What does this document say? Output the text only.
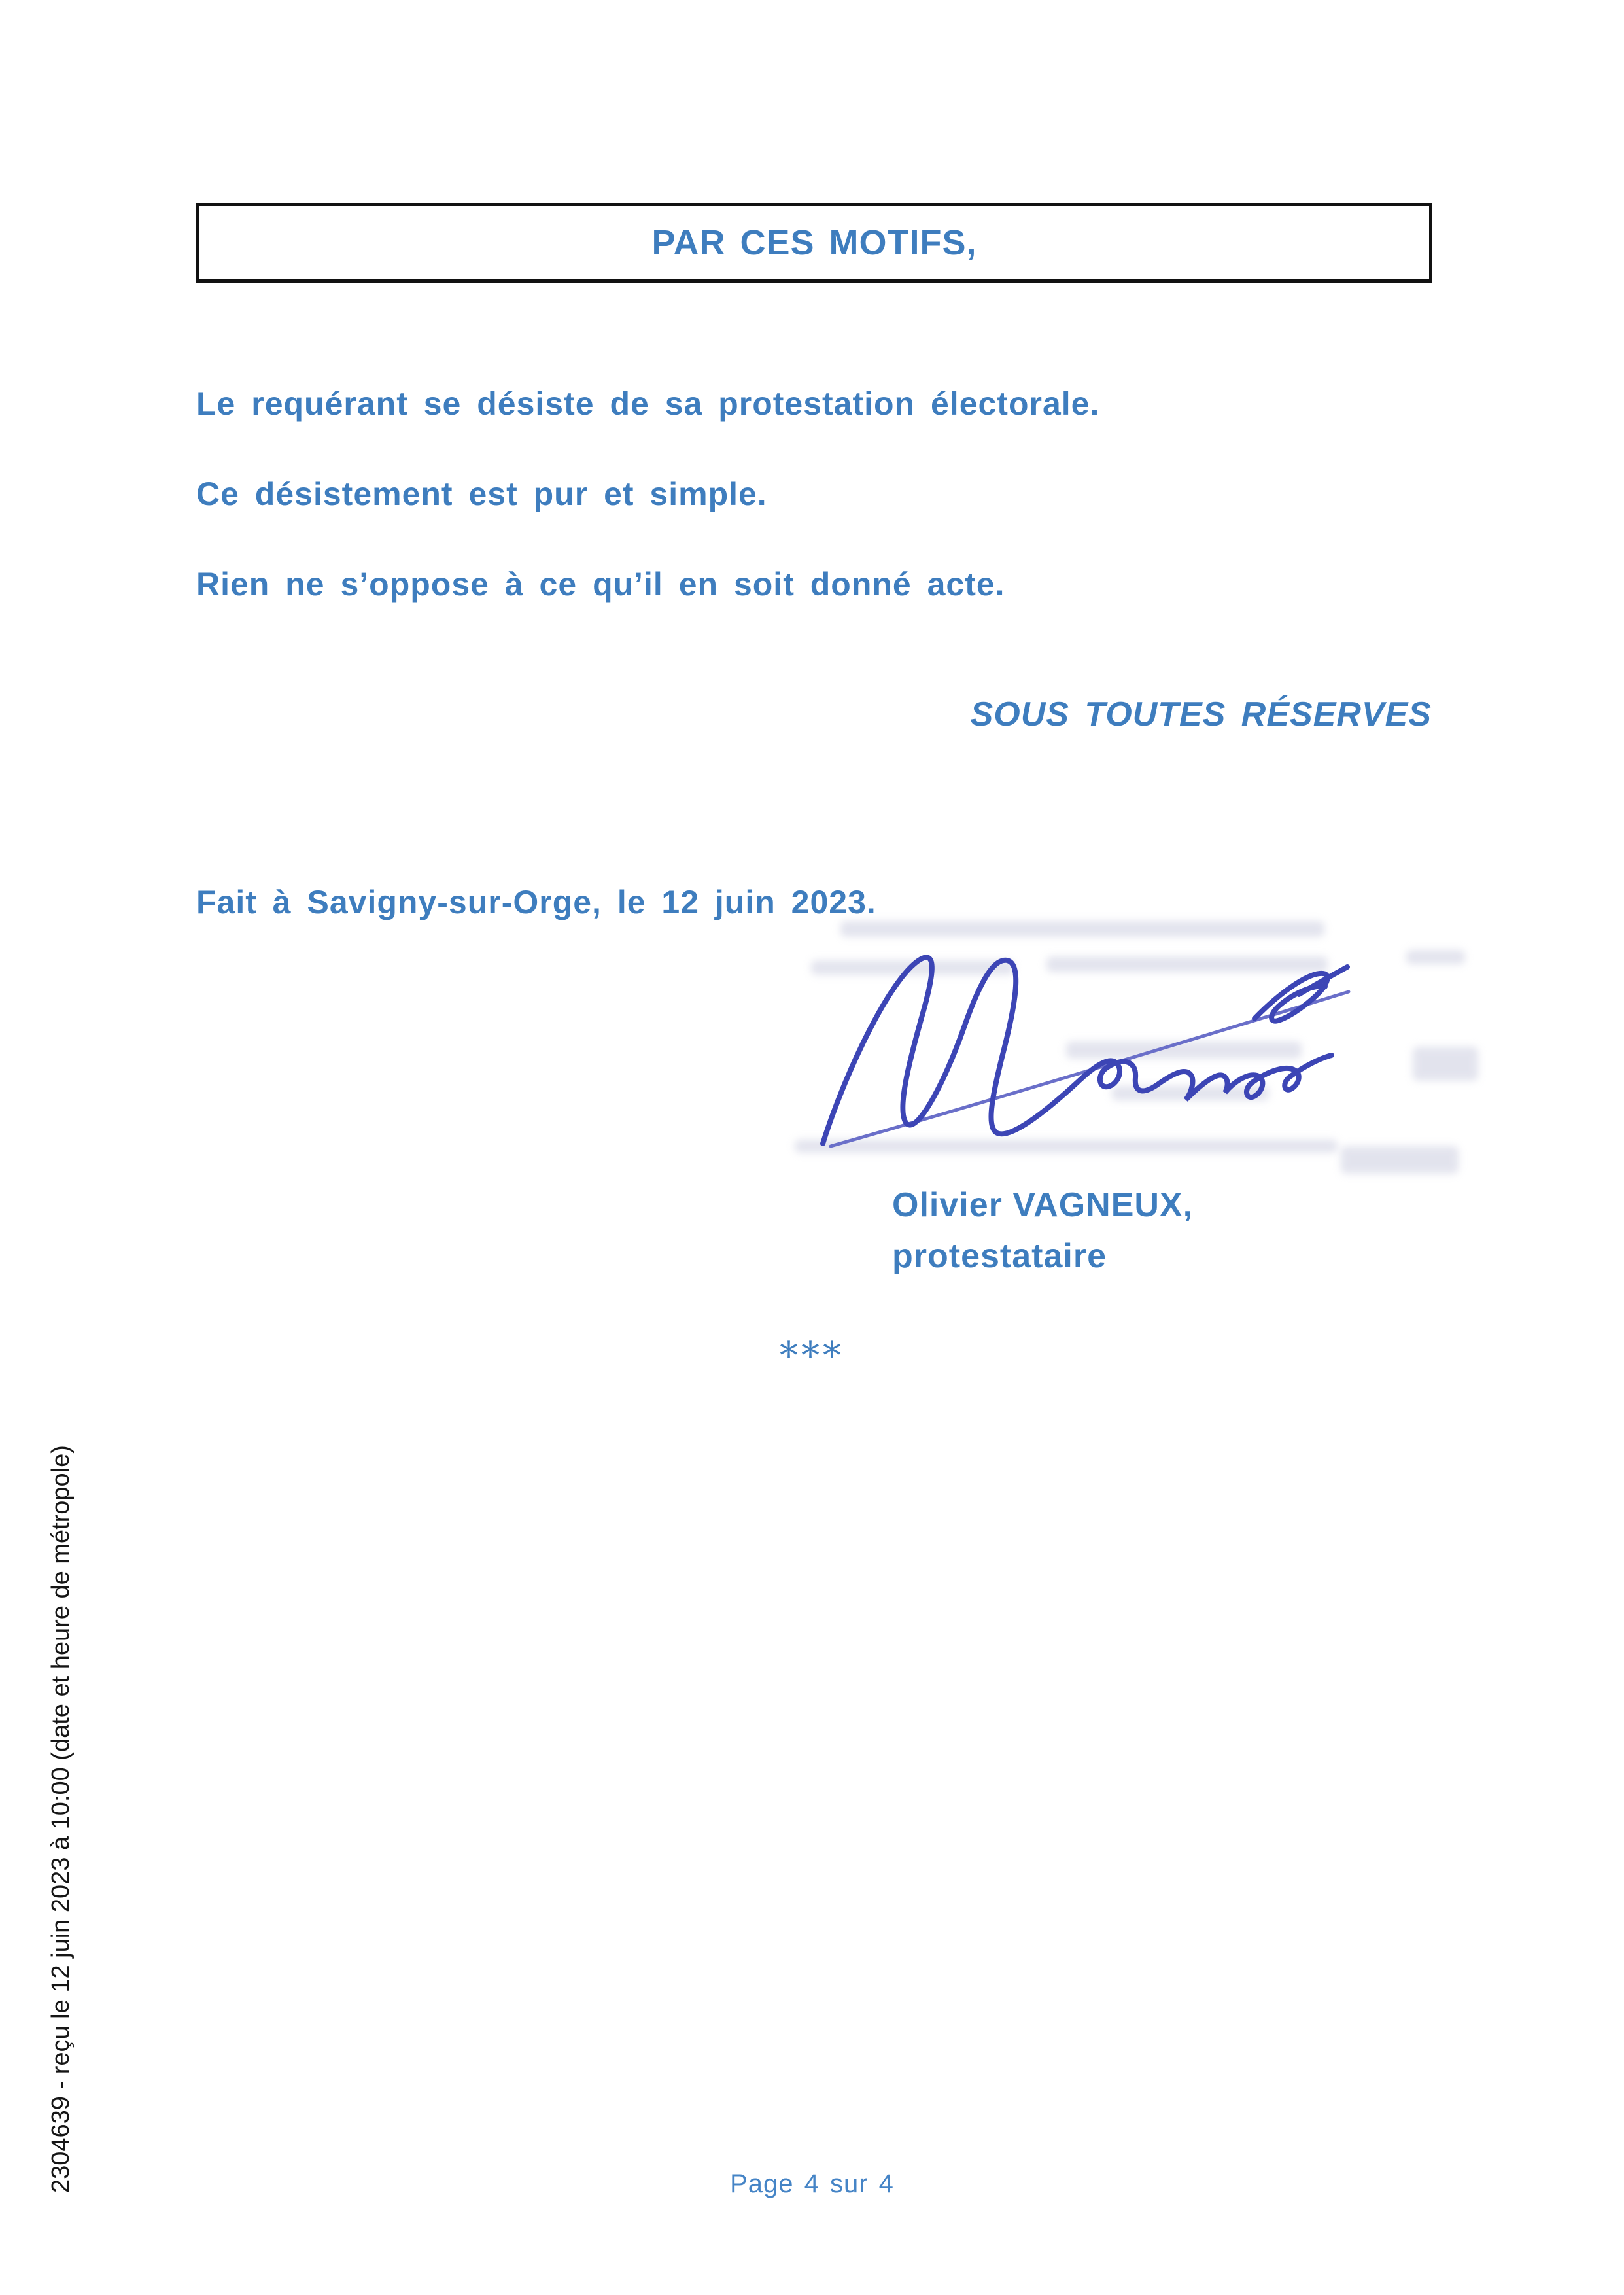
PAR CES MOTIFS,
Le requérant se désiste de sa protestation électorale.
Ce désistement est pur et simple.
Rien ne s’oppose à ce qu’il en soit donné acte.
SOUS TOUTES RÉSERVES
Fait à Savigny-sur-Orge, le 12 juin 2023.
Olivier VAGNEUX,
protestataire
***
2304639 - reçu le 12 juin 2023 à 10:00 (date et heure de métropole)	Page 4 sur 4
